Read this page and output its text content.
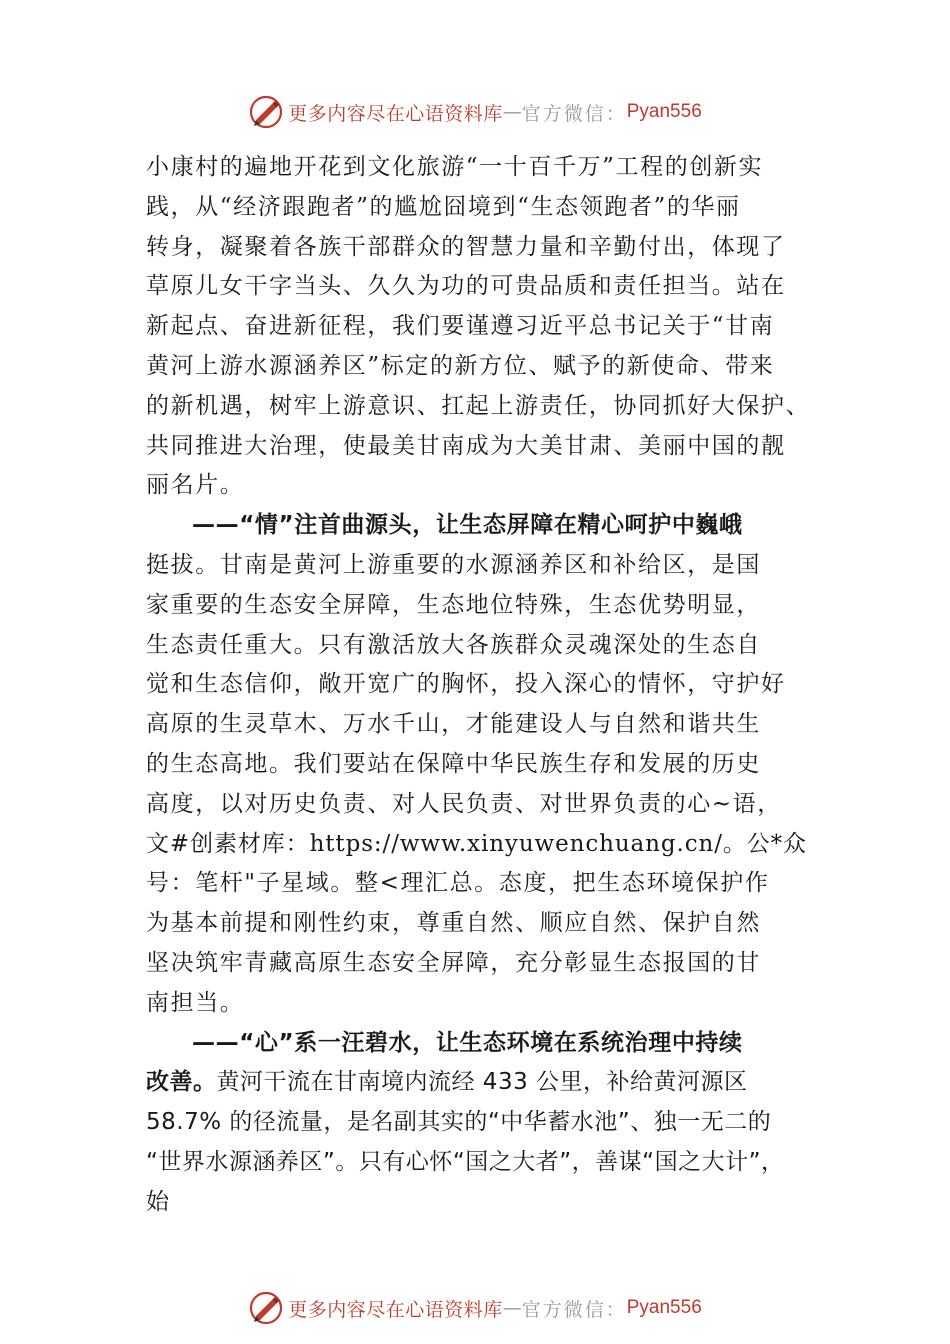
更多内容尽在心语资料库 — 官方微信： Pyan556
小康村的遍地开花到文化旅游“一十百千万”工程的创新实
践，从“经济跟跑者”的尴尬囧境到“生态领跑者”的华丽
转身，凝聚着各族干部群众的智慧力量和辛勤付出，体现了
草原儿女干字当头、久久为功的可贵品质和责任担当。站在
新起点、奋进新征程，我们要谨遵习近平总书记关于“甘南
黄河上游水源涵养区”标定的新方位、赋予的新使命、带来
的新机遇，树牢上游意识、扛起上游责任，协同抓好大保护、
共同推进大治理，使最美甘南成为大美甘肃、美丽中国的靓
丽名片。
——“情”注首曲源头，让生态屏障在精心呵护中巍峨
挺拔。甘南是黄河上游重要的水源涵养区和补给区，是国
家重要的生态安全屏障，生态地位特殊，生态优势明显，
生态责任重大。只有激活放大各族群众灵魂深处的生态自
觉和生态信仰，敞开宽广的胸怀，投入深心的情怀，守护好
高原的生灵草木、万水千山，才能建设人与自然和谐共生
的生态高地。我们要站在保障中华民族生存和发展的历史
高度，以对历史负责、对人民负责、对世界负责的心~语，
文#创素材库：https://www.xinyuwenchuang.cn/。公*众
号：笔杆"子星域。整<理汇总。态度，把生态环境保护作
为基本前提和刚性约束，尊重自然、顺应自然、保护自然
坚决筑牢青藏高原生态安全屏障，充分彰显生态报国的甘
南担当。
——“心”系一汪碧水，让生态环境在系统治理中持续
改善。黄河干流在甘南境内流经 433 公里，补给黄河源区
58.7% 的径流量，是名副其实的“中华蓄水池”、独一无二的
“世界水源涵养区”。只有心怀“国之大者”，善谋“国之大计”，
始
更多内容尽在心语资料库 — 官方微信： Pyan556
